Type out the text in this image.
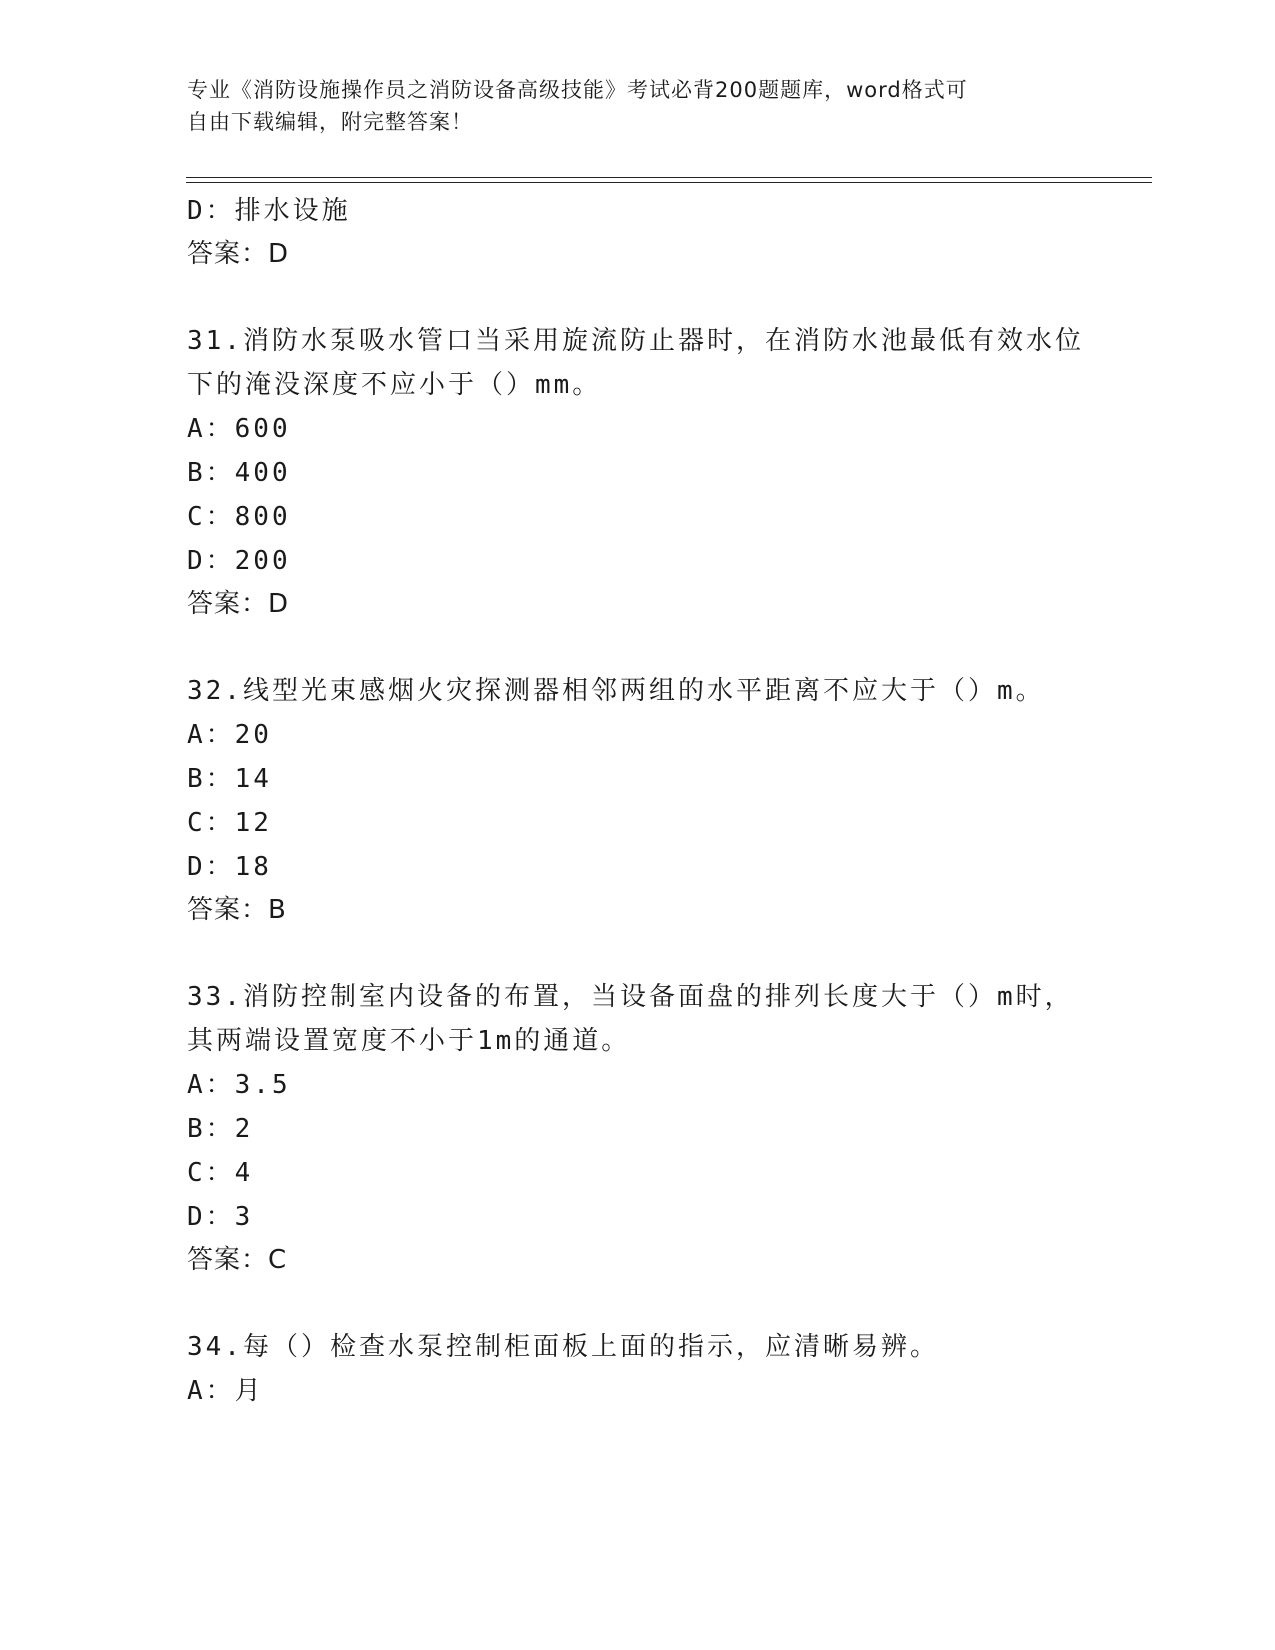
专业《消防设施操作员之消防设备高级技能》考试必背200题题库，word格式可
自由下载编辑，附完整答案！
D：排水设施
答案：D
31.消防水泵吸水管口当采用旋流防止器时，在消防水池最低有效水位
下的淹没深度不应小于（）mm。
A：600
B：400
C：800
D：200
答案：D
32.线型光束感烟火灾探测器相邻两组的水平距离不应大于（）m。
A：20
B：14
C：12
D：18
答案：B
33.消防控制室内设备的布置，当设备面盘的排列长度大于（）m时，
其两端设置宽度不小于1m的通道。
A：3.5
B：2
C：4
D：3
答案：C
34.每（）检查水泵控制柜面板上面的指示，应清晰易辨。
A：月
